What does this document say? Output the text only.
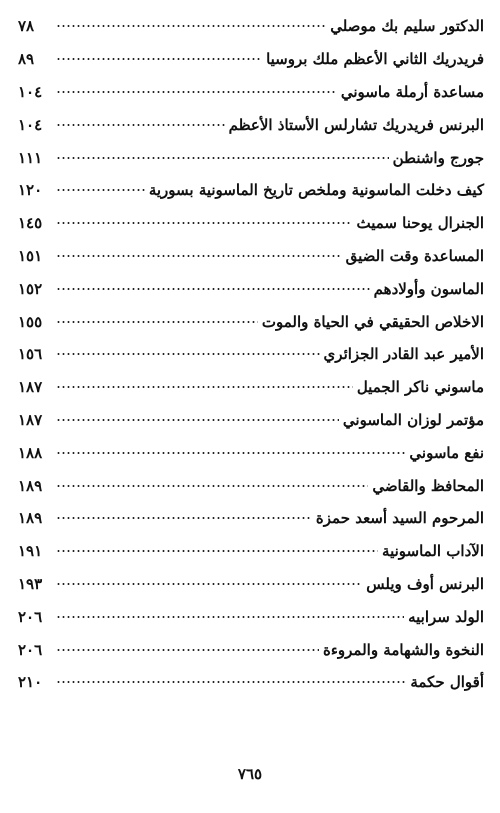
٧٨	الدكتور سليم بك موصلي
٨٩	فريدريك الثاني الأعظم ملك بروسيا
١٠٤	مساعدة أرملة ماسوني
١٠٤	البرنس فريدريك تشارلس الأستاذ الأعظم
١١١	جورج واشنطن
١٢٠	كيف دخلت الماسونية وملخص تاريخ الماسونية بسورية
١٤٥	الجنرال يوحنا سميث
١٥١	المساعدة وقت الضيق
١٥٢	الماسون وأولادهم
١٥٥	الاخلاص الحقيقي في الحياة والموت
١٥٦	الأمير عبد القادر الجزائري
١٨٧	ماسوني ناكر الجميل
١٨٧	مؤتمر لوزان الماسوني
١٨٨	نفع ماسوني
١٨٩	المحافظ والقاضي
١٨٩	المرحوم السيد أسعد حمزة
١٩١	الآداب الماسونية
١٩٣	البرنس أوف ويلس
٢٠٦	الولد سرابيه
٢٠٦	النخوة والشهامة والمروءة
٢١٠	أقوال حكمة
٧٦٥
